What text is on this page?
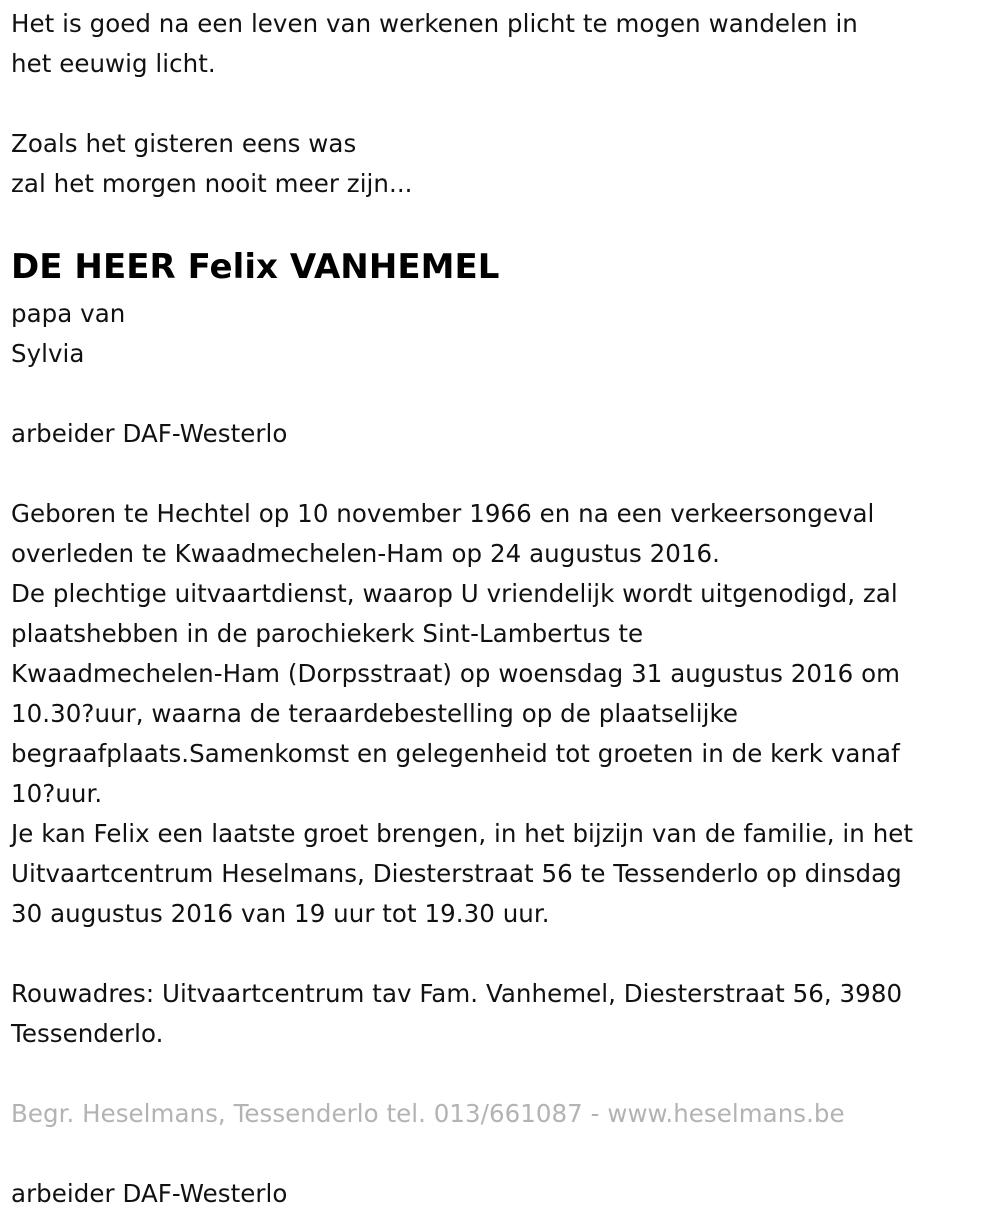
Het is goed na een leven van werkenen plicht te mogen wandelen in
het eeuwig licht.
Zoals het gisteren eens was
zal het morgen nooit meer zijn...
DE HEER Felix VANHEMEL
papa van
Sylvia
arbeider DAF-Westerlo
Geboren te Hechtel op 10 november 1966 en na een verkeersongeval
overleden te Kwaadmechelen-Ham op 24 augustus 2016.
De plechtige uitvaartdienst, waarop U vriendelijk wordt uitgenodigd, zal
plaatshebben in de parochiekerk Sint-Lambertus te
Kwaadmechelen-Ham (Dorpsstraat) op woensdag 31 augustus 2016 om
10.30?uur, waarna de teraardebestelling op de plaatselijke
begraafplaats.Samenkomst en gelegenheid tot groeten in de kerk vanaf
10?uur.
Je kan Felix een laatste groet brengen, in het bijzijn van de familie, in het
Uitvaartcentrum Heselmans, Diesterstraat 56 te Tessenderlo op dinsdag
30 augustus 2016 van 19 uur tot 19.30 uur.
Rouwadres: Uitvaartcentrum tav Fam. Vanhemel, Diesterstraat 56, 3980
Tessenderlo.
Begr. Heselmans, Tessenderlo tel. 013/661087 - www.heselmans.be
arbeider DAF-Westerlo
